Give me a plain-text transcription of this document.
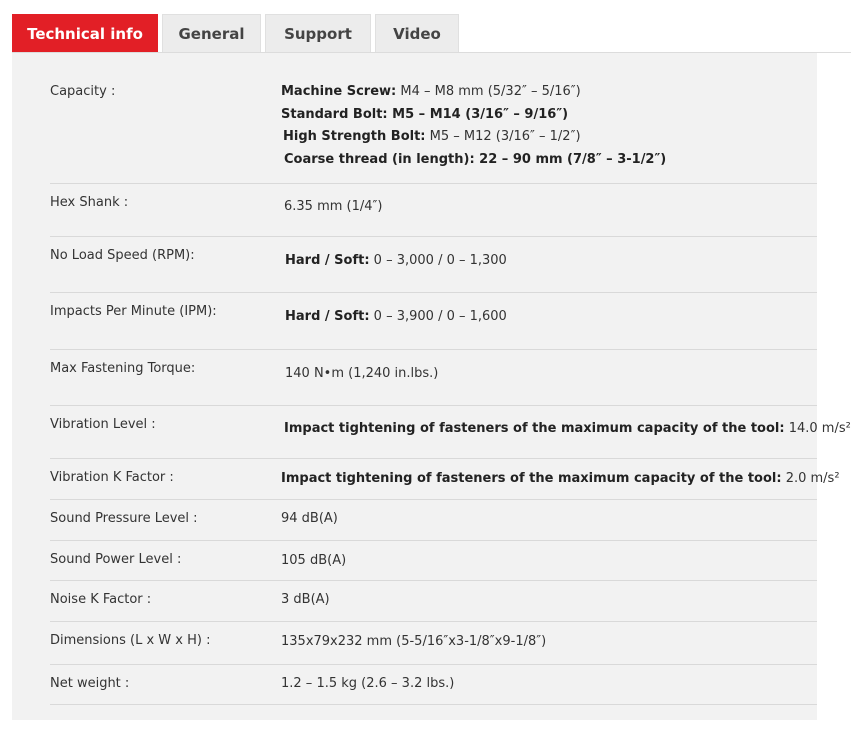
Technical info	General	Support	Video
Capacity :	Machine Screw: M4 – M8 mm (5/32″ – 5/16″)
Standard Bolt: M5 – M14 (3/16″ – 9/16″)
High Strength Bolt: M5 – M12 (3/16″ – 1/2″)
Coarse thread (in length): 22 – 90 mm (7/8″ – 3-1/2″)
Hex Shank :	6.35 mm (1/4″)
No Load Speed (RPM):	Hard / Soft: 0 – 3,000 / 0 – 1,300
Impacts Per Minute (IPM):	Hard / Soft: 0 – 3,900 / 0 – 1,600
Max Fastening Torque:	140 N•m (1,240 in.lbs.)
Vibration Level :	Impact tightening of fasteners of the maximum capacity of the tool: 14.0 m/s²
Vibration K Factor :	Impact tightening of fasteners of the maximum capacity of the tool: 2.0 m/s²
Sound Pressure Level :	94 dB(A)
Sound Power Level :	105 dB(A)
Noise K Factor :	3 dB(A)
Dimensions (L x W x H) :	135x79x232 mm (5-5/16″x3-1/8″x9-1/8″)
Net weight :	1.2 – 1.5 kg (2.6 – 3.2 lbs.)
